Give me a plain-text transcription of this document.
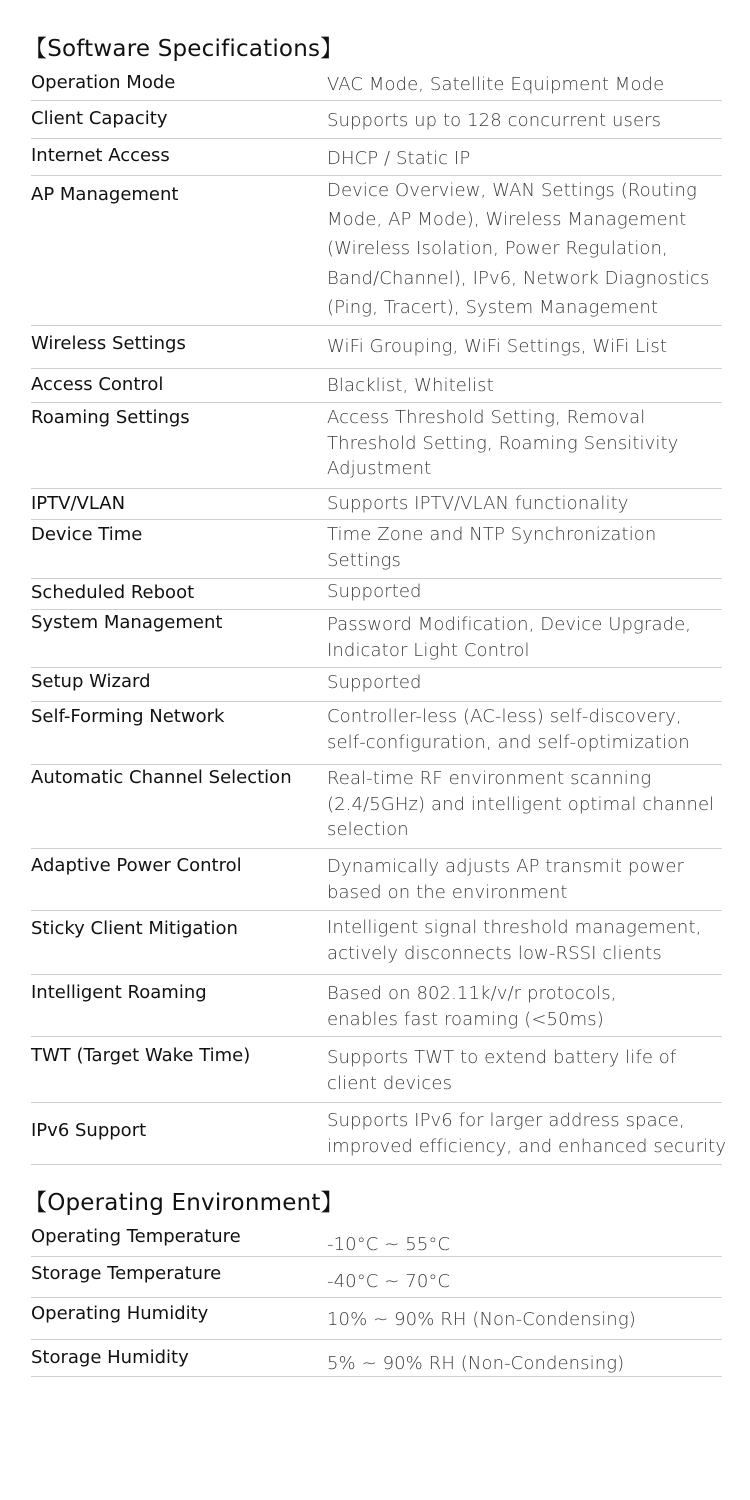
【Software Specifications】
Operation Mode	VAC Mode, Satellite Equipment Mode
Client Capacity	Supports up to 128 concurrent users
Internet Access	DHCP / Static IP
AP Management	Device Overview, WAN Settings (Routing
Mode, AP Mode), Wireless Management
(Wireless Isolation, Power Regulation,
Band/Channel), IPv6, Network Diagnostics
(Ping, Tracert), System Management
Wireless Settings	WiFi Grouping, WiFi Settings, WiFi List
Access Control	Blacklist, Whitelist
Roaming Settings	Access Threshold Setting, Removal
Threshold Setting, Roaming Sensitivity
Adjustment
IPTV/VLAN	Supports IPTV/VLAN functionality
Device Time	Time Zone and NTP Synchronization
Settings
Scheduled Reboot	Supported
System Management	Password Modification, Device Upgrade,
Indicator Light Control
Setup Wizard	Supported
Self-Forming Network	Controller-less (AC-less) self-discovery,
self-configuration, and self-optimization
Automatic Channel Selection	Real-time RF environment scanning
(2.4/5GHz) and intelligent optimal channel
selection
Adaptive Power Control	Dynamically adjusts AP transmit power
based on the environment
Sticky Client Mitigation	Intelligent signal threshold management,
actively disconnects low-RSSI clients
Intelligent Roaming	Based on 802.11k/v/r protocols,
enables fast roaming (<50ms)
TWT (Target Wake Time)	Supports TWT to extend battery life of
client devices
IPv6 Support	Supports IPv6 for larger address space,
improved efficiency, and enhanced security
【Operating Environment】
Operating Temperature	-10°C ~ 55°C
Storage Temperature	-40°C ~ 70°C
Operating Humidity	10% ~ 90% RH (Non-Condensing)
Storage Humidity	5% ~ 90% RH (Non-Condensing)
